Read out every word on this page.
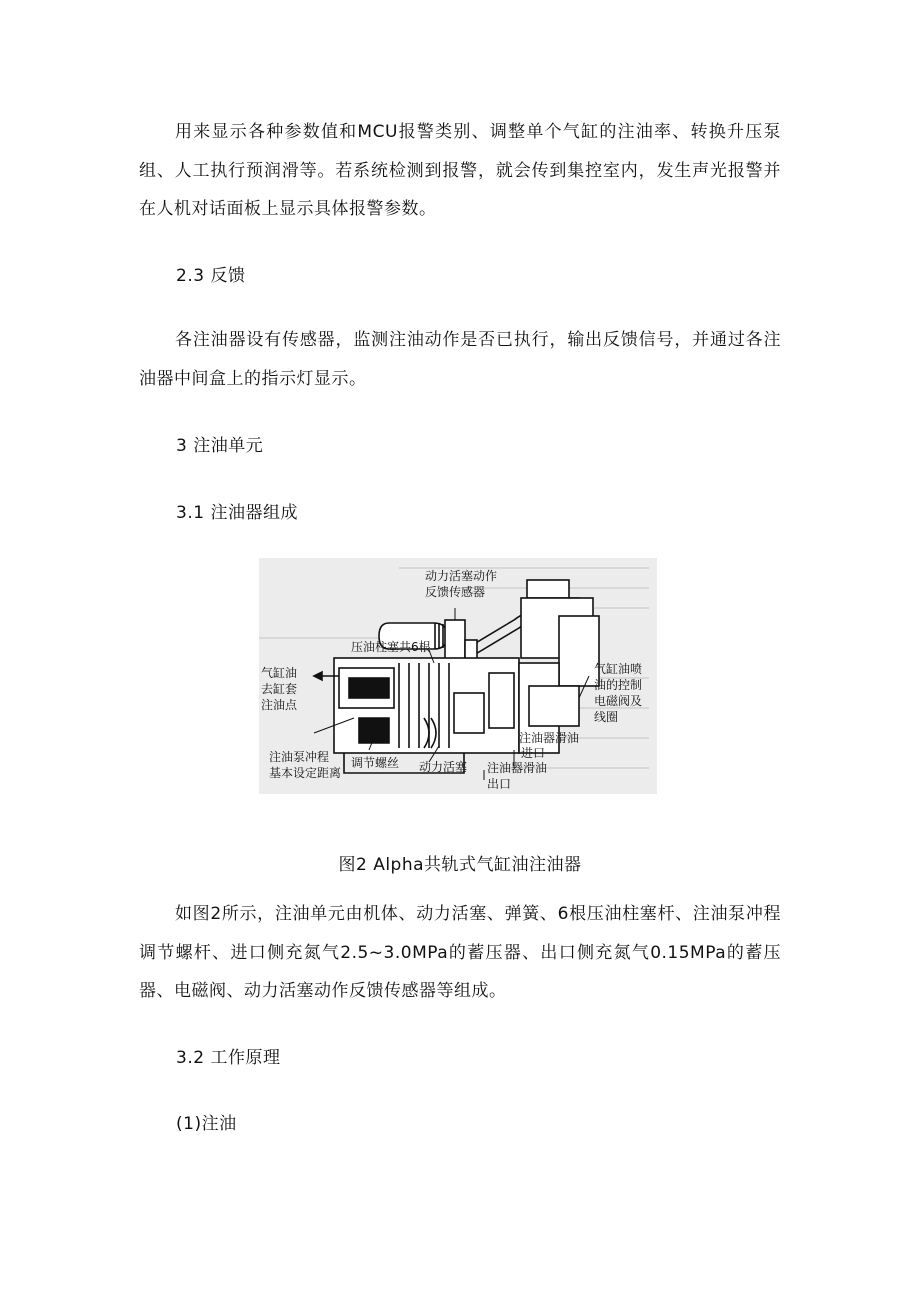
用来显示各种参数值和MCU报警类别、调整单个气缸的注油率、转换升压泵组、人工执行预润滑等。若系统检测到报警，就会传到集控室内，发生声光报警并在人机对话面板上显示具体报警参数。

2.3 反馈

各注油器设有传感器，监测注油动作是否已执行，输出反馈信号，并通过各注油器中间盒上的指示灯显示。

3 注油单元

3.1 注油器组成

动力活塞动作
反馈传感器
压油柱塞共6根
气缸油
去缸套
注油点
气缸油喷
油的控制
电磁阀及
线圈
注油器滑油
进口
注油泵冲程
基本设定距离
调节螺丝 动力活塞 注油器滑油
出口

图2 Alpha共轨式气缸油注油器

如图2所示，注油单元由机体、动力活塞、弹簧、6根压油柱塞杆、注油泵冲程调节螺杆、进口侧充氮气2.5~3.0MPa的蓄压器、出口侧充氮气0.15MPa的蓄压器、电磁阀、动力活塞动作反馈传感器等组成。

3.2 工作原理

(1)注油
